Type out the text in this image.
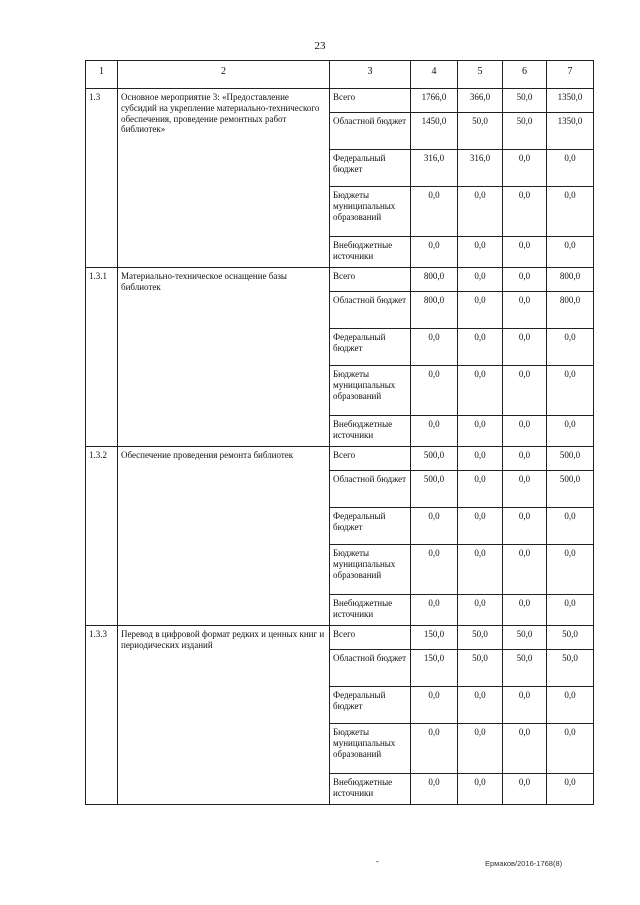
23
1	2	3	4	5	6	7
1.3	Основное мероприятие 3: «Предоставление субсидий на укрепление материально-технического обеспечения, проведение ремонтных работ библиотек»	Всего	1766,0	366,0	50,0	1350,0
		Областной бюджет	1450,0	50,0	50,0	1350,0
		Федеральный бюджет	316,0	316,0	0,0	0,0
		Бюджеты муниципальных образований	0,0	0,0	0,0	0,0
		Внебюджетные источники	0,0	0,0	0,0	0,0
1.3.1	Материально-техническое оснащение базы библиотек	Всего	800,0	0,0	0,0	800,0
		Областной бюджет	800,0	0,0	0,0	800,0
		Федеральный бюджет	0,0	0,0	0,0	0,0
		Бюджеты муниципальных образований	0,0	0,0	0,0	0,0
		Внебюджетные источники	0,0	0,0	0,0	0,0
1.3.2	Обеспечение проведения ремонта библиотек	Всего	500,0	0,0	0,0	500,0
		Областной бюджет	500,0	0,0	0,0	500,0
		Федеральный бюджет	0,0	0,0	0,0	0,0
		Бюджеты муниципальных образований	0,0	0,0	0,0	0,0
		Внебюджетные источники	0,0	0,0	0,0	0,0
1.3.3	Перевод в цифровой формат редких и ценных книг и периодических изданий	Всего	150,0	50,0	50,0	50,0
		Областной бюджет	150,0	50,0	50,0	50,0
		Федеральный бюджет	0,0	0,0	0,0	0,0
		Бюджеты муниципальных образований	0,0	0,0	0,0	0,0
		Внебюджетные источники	0,0	0,0	0,0	0,0
-	Ермаков/2016-1768(8)
